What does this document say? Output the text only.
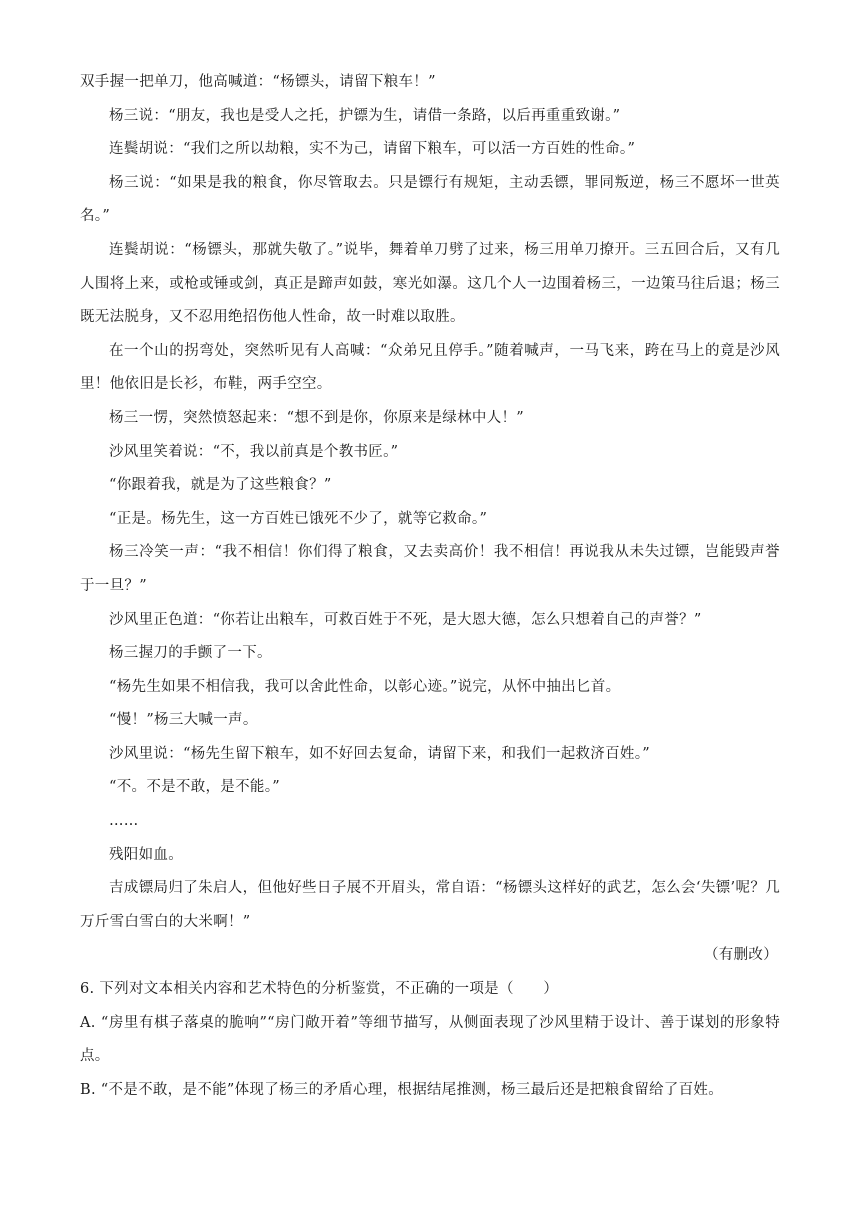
双手握一把单刀，他高喊道：“杨镖头，请留下粮车！”

杨三说：“朋友，我也是受人之托，护镖为生，请借一条路，以后再重重致谢。”

连鬓胡说：“我们之所以劫粮，实不为己，请留下粮车，可以活一方百姓的性命。”

杨三说：“如果是我的粮食，你尽管取去。只是镖行有规矩，主动丢镖，罪同叛逆，杨三不愿坏一世英名。”

连鬓胡说：“杨镖头，那就失敬了。”说毕，舞着单刀劈了过来，杨三用单刀撩开。三五回合后，又有几人围将上来，或枪或锤或剑，真正是蹄声如鼓，寒光如瀑。这几个人一边围着杨三，一边策马往后退；杨三既无法脱身，又不忍用绝招伤他人性命，故一时难以取胜。

在一个山的拐弯处，突然听见有人高喊：“众弟兄且停手。”随着喊声，一马飞来，跨在马上的竟是沙风里！他依旧是长衫，布鞋，两手空空。

杨三一愣，突然愤怒起来：“想不到是你，你原来是绿林中人！”

沙风里笑着说：“不，我以前真是个教书匠。”

“你跟着我，就是为了这些粮食？”

“正是。杨先生，这一方百姓已饿死不少了，就等它救命。”

杨三冷笑一声：“我不相信！你们得了粮食，又去卖高价！我不相信！再说我从未失过镖，岂能毁声誉于一旦？”

沙风里正色道：“你若让出粮车，可救百姓于不死，是大恩大德，怎么只想着自己的声誉？”

杨三握刀的手颤了一下。

“杨先生如果不相信我，我可以舍此性命，以彰心迹。”说完，从怀中抽出匕首。

“慢！”杨三大喊一声。

沙风里说：“杨先生留下粮车，如不好回去复命，请留下来，和我们一起救济百姓。”

“不。不是不敢，是不能。”

……

残阳如血。

吉成镖局归了朱启人，但他好些日子展不开眉头，常自语：“杨镖头这样好的武艺，怎么会‘失镖’呢？几万斤雪白雪白的大米啊！”

（有删改）

6. 下列对文本相关内容和艺术特色的分析鉴赏，不正确的一项是（　　）

A. “房里有棋子落桌的脆响”“房门敞开着”等细节描写，从侧面表现了沙风里精于设计、善于谋划的形象特点。

B. “不是不敢，是不能”体现了杨三的矛盾心理，根据结尾推测，杨三最后还是把粮食留给了百姓。
